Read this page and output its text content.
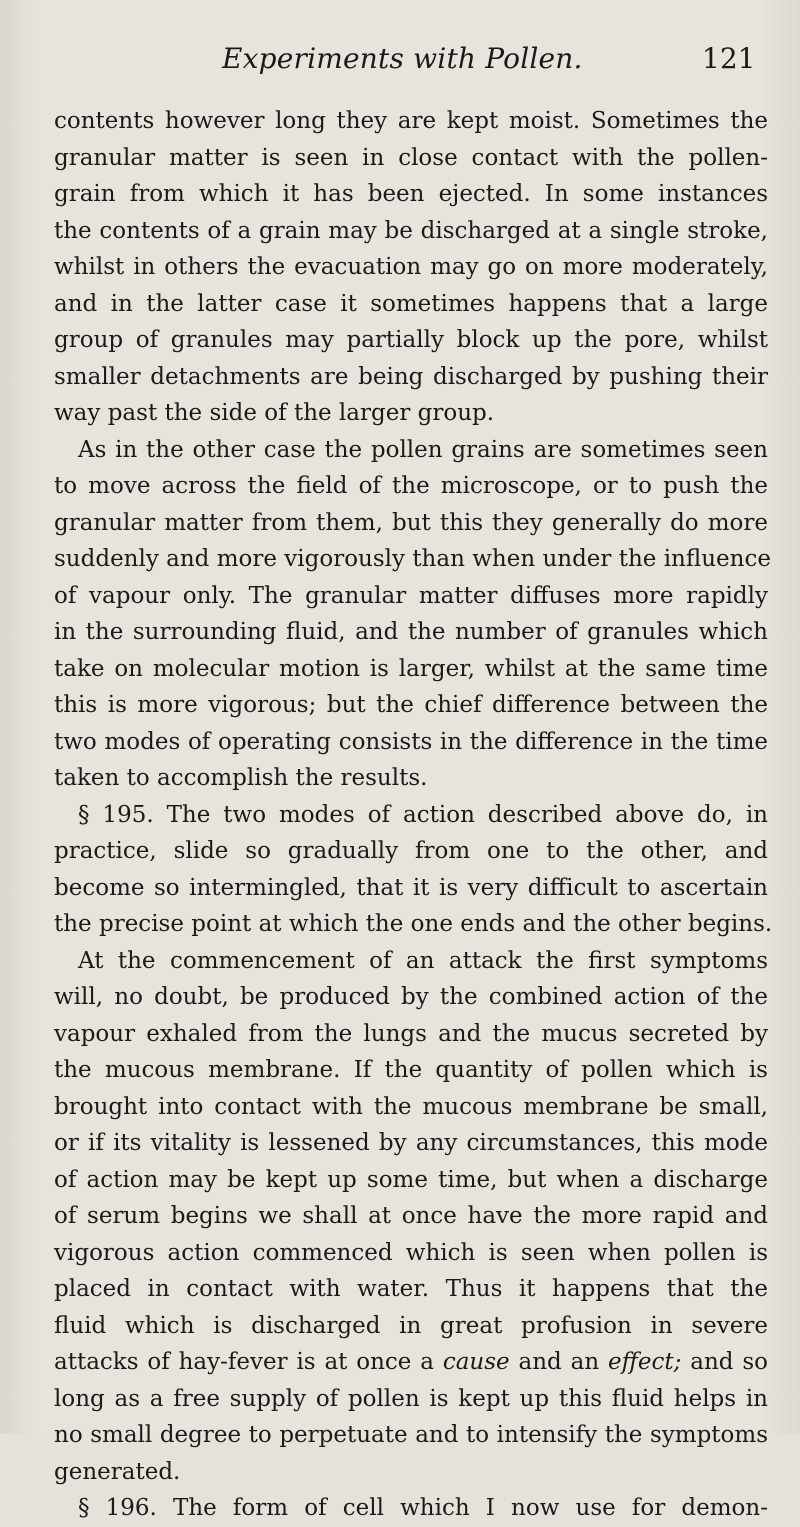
Experiments with Pollen.	121
contents however long they are kept moist. Sometimes the
granular matter is seen in close contact with the pollen-
grain from which it has been ejected. In some instances
the contents of a grain may be discharged at a single stroke,
whilst in others the evacuation may go on more moderately,
and in the latter case it sometimes happens that a large
group of granules may partially block up the pore, whilst
smaller detachments are being discharged by pushing their
way past the side of the larger group.
As in the other case the pollen grains are sometimes seen
to move across the field of the microscope, or to push the
granular matter from them, but this they generally do more
suddenly and more vigorously than when under the influence
of vapour only. The granular matter diffuses more rapidly
in the surrounding fluid, and the number of granules which
take on molecular motion is larger, whilst at the same time
this is more vigorous; but the chief difference between the
two modes of operating consists in the difference in the time
taken to accomplish the results.
§ 195. The two modes of action described above do, in
practice, slide so gradually from one to the other, and
become so intermingled, that it is very difficult to ascertain
the precise point at which the one ends and the other begins.
At the commencement of an attack the first symptoms
will, no doubt, be produced by the combined action of the
vapour exhaled from the lungs and the mucus secreted by
the mucous membrane. If the quantity of pollen which is
brought into contact with the mucous membrane be small,
or if its vitality is lessened by any circumstances, this mode
of action may be kept up some time, but when a discharge
of serum begins we shall at once have the more rapid and
vigorous action commenced which is seen when pollen is
placed in contact with water. Thus it happens that the
fluid which is discharged in great profusion in severe
attacks of hay-fever is at once a cause and an effect; and so
long as a free supply of pollen is kept up this fluid helps in
no small degree to perpetuate and to intensify the symptoms
generated.
§ 196. The form of cell which I now use for demon-
